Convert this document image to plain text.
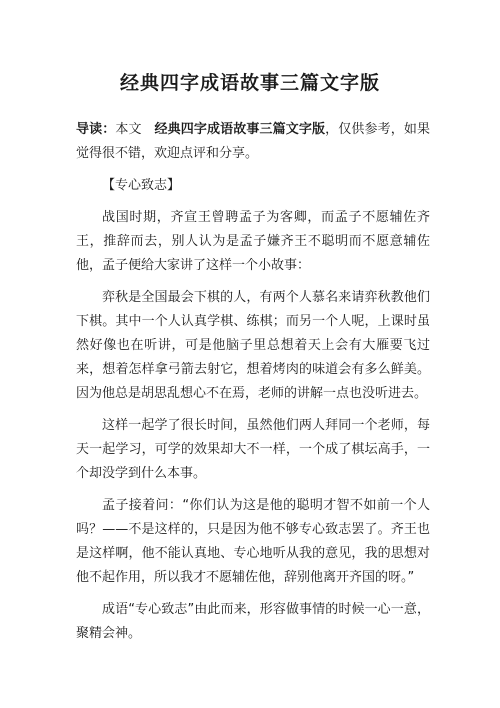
经典四字成语故事三篇文字版

导读：本文 经典四字成语故事三篇文字版，仅供参考，如果觉得很不错，欢迎点评和分享。

【专心致志】

战国时期，齐宣王曾聘孟子为客卿，而孟子不愿辅佐齐王，推辞而去，别人认为是孟子嫌齐王不聪明而不愿意辅佐他，孟子便给大家讲了这样一个小故事：

弈秋是全国最会下棋的人，有两个人慕名来请弈秋教他们下棋。其中一个人认真学棋、练棋；而另一个人呢，上课时虽然好像也在听讲，可是他脑子里总想着天上会有大雁要飞过来，想着怎样拿弓箭去射它，想着烤肉的味道会有多么鲜美。因为他总是胡思乱想心不在焉，老师的讲解一点也没听进去。

这样一起学了很长时间，虽然他们两人拜同一个老师，每天一起学习，可学的效果却大不一样，一个成了棋坛高手，一个却没学到什么本事。

孟子接着问：“你们认为这是他的聪明才智不如前一个人吗？——不是这样的，只是因为他不够专心致志罢了。齐王也是这样啊，他不能认真地、专心地听从我的意见，我的思想对他不起作用，所以我才不愿辅佐他，辞别他离开齐国的呀。”

成语“专心致志”由此而来，形容做事情的时候一心一意，聚精会神。
